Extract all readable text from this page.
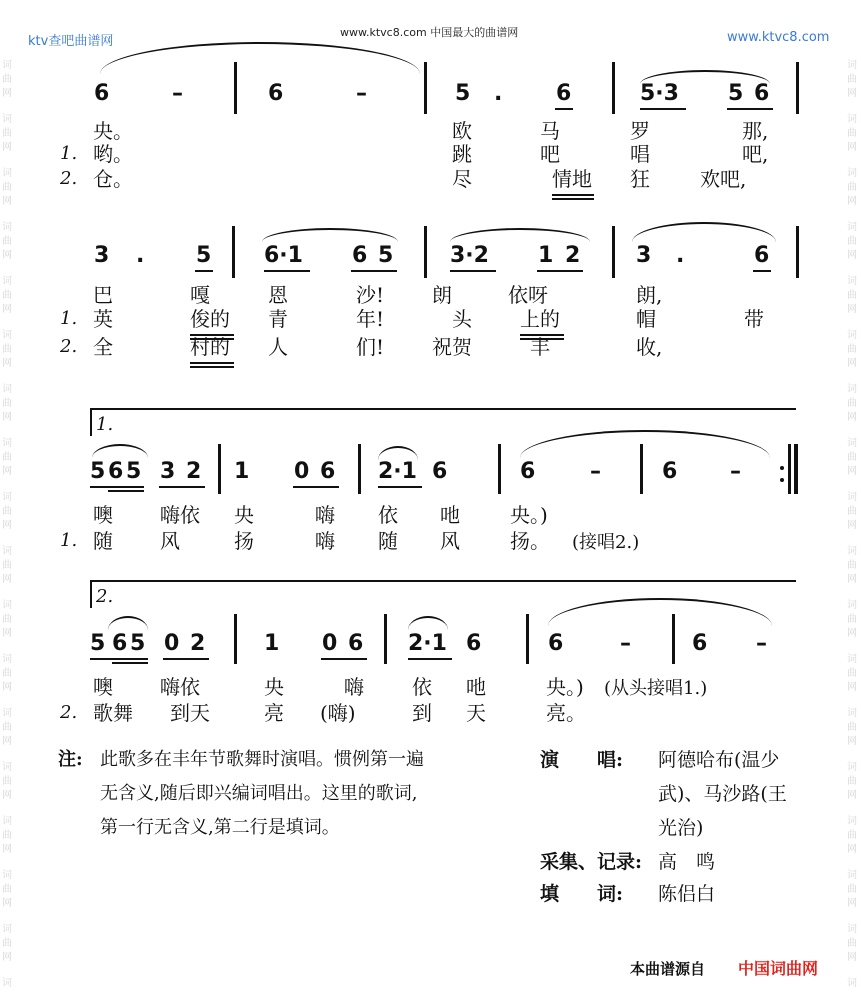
词
曲
网
词
曲
网
词
曲
网
词
曲
网
词
曲
网
词
曲
网
词
曲
网
词
曲
网
词
曲
网
词
曲
网
词
曲
网
词
曲
网
词
曲
网
词
曲
网
词
曲
网
词
曲
网
词
曲
网
词
词
曲
网
词
曲
网
词
曲
网
词
曲
网
词
曲
网
词
曲
网
词
曲
网
词
曲
网
词
曲
网
词
曲
网
词
曲
网
词
曲
网
词
曲
网
词
曲
网
词
曲
网
词
曲
网
词
曲
网
词
ktv查吧曲谱网
www.ktvc8.com 中国最大的曲谱网	www.ktvc8.com
6	–	6	–	5 . 6	5·3 5 6
央。	欧	马	罗	那,
1. 哟。	跳	吧	唱	吧,
2. 仓。	尽	情地 狂	欢吧,
3 . 5 6·1 6 5	3·2 1 2	3 .	6
巴	嘎	恩	沙! 朗	依呀	朗,
1. 英	俊的 青	年!	头 上的	帽	带
2. 全	村的 人	们! 祝贺	丰	收,
1.
5 6 5 3 2 1 0 6 2·1 6	6 –	6 –
噢 嗨依 央	嗨 依 吔	央。)
1. 随 风	扬	嗨 随 风	扬。 (接唱2.)
2.
5 6 5 0 2	1 0 6 2·1 6	6	–	6 –
噢 嗨依	央	嗨 依 吔	央。) (从头接唱1.)
2. 歌舞 到天	亮 (嗨)	到 天	亮。
注: 此歌多在丰年节歌舞时演唱。惯例第一遍
无含义,随后即兴编词唱出。这里的歌词,
第一行无含义,第二行是填词。
演　　唱: 阿德哈布(温少
武)、马沙路(王
光治)
采集、记录: 高　鸣
填　　词: 陈侣白
本曲谱源自 中国词曲网
